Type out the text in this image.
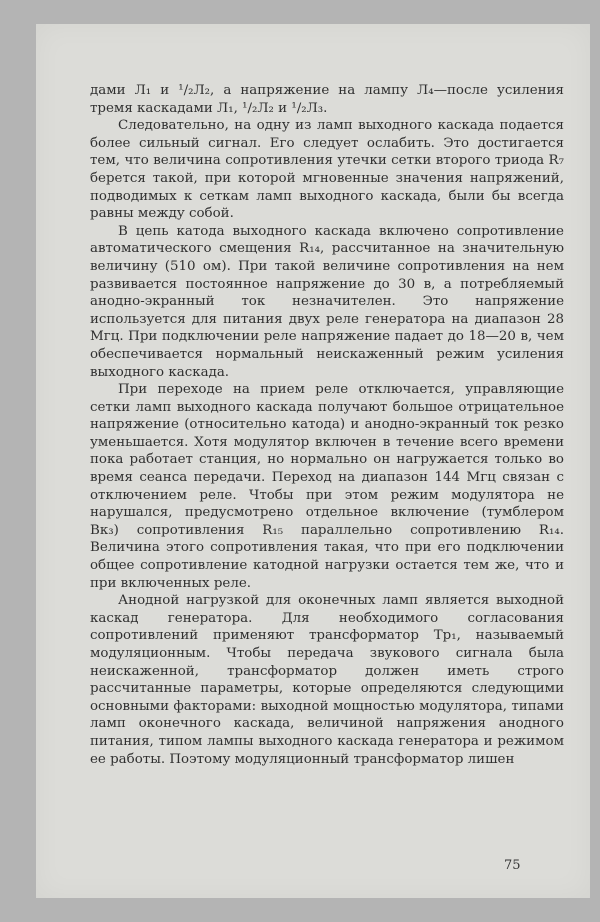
дами Л₁ и ¹/₂Л₂, а напряжение на лампу Л₄—после усиления тремя каскадами Л₁, ¹/₂Л₂ и ¹/₂Л₃.

Следовательно, на одну из ламп выходного каскада подается более сильный сигнал. Его следует ослабить. Это достигается тем, что величина сопротивления утечки сетки второго триода R₇ берется такой, при которой мгновенные значения напряжений, подводимых к сеткам ламп выходного каскада, были бы всегда равны между собой.

В цепь катода выходного каскада включено сопротивление автоматического смещения R₁₄, рассчитанное на значительную величину (510 ом). При такой величине сопротивления на нем развивается постоянное напряжение до 30 в, а потребляемый анодно-экранный ток незначителен. Это напряжение используется для питания двух реле генератора на диапазон 28 Мгц. При подключении реле напряжение падает до 18—20 в, чем обеспечивается нормальный неискаженный режим усиления выходного каскада.

При переходе на прием реле отключается, управляющие сетки ламп выходного каскада получают большое отрицательное напряжение (относительно катода) и анодно-экранный ток резко уменьшается. Хотя модулятор включен в течение всего времени пока работает станция, но нормально он нагружается только во время сеанса передачи. Переход на диапазон 144 Мгц связан с отключением реле. Чтобы при этом режим модулятора не нарушался, предусмотрено отдельное включение (тумблером Вк₃) сопротивления R₁₅ параллельно сопротивлению R₁₄. Величина этого сопротивления такая, что при его подключении общее сопротивление катодной нагрузки остается тем же, что и при включенных реле.

Анодной нагрузкой для оконечных ламп является выходной каскад генератора. Для необходимого согласования сопротивлений применяют трансформатор Тр₁, называемый модуляционным. Чтобы передача звукового сигнала была неискаженной, трансформатор должен иметь строго рассчитанные параметры, которые определяются следующими основными факторами: выходной мощностью модулятора, типами ламп оконечного каскада, величиной напряжения анодного питания, типом лампы выходного каскада генератора и режимом ее работы. Поэтому модуляционный трансформатор лишен

75
